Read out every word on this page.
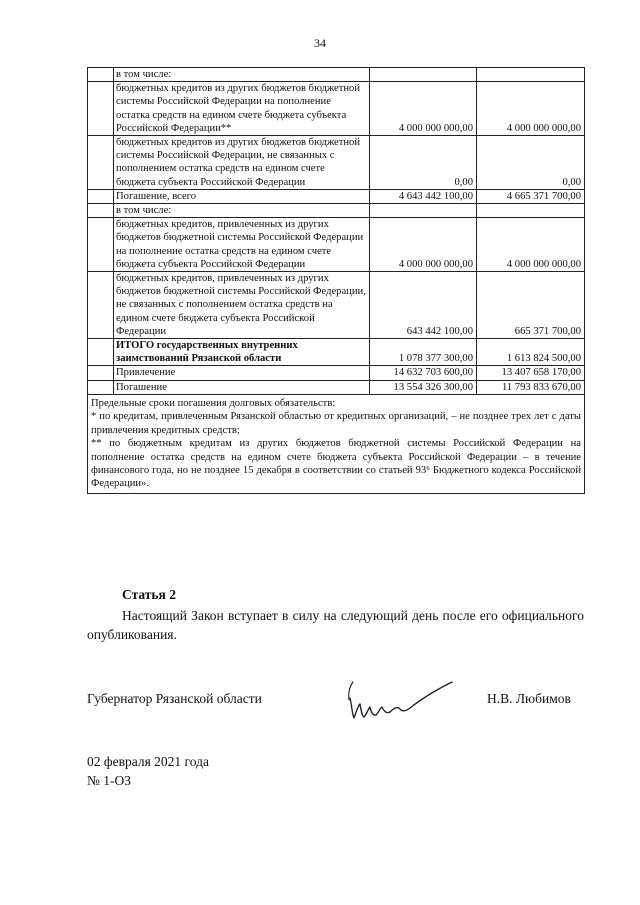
34
	в том числе:		
	бюджетных кредитов из других бюджетов бюджетной системы Российской Федерации на пополнение остатка средств на едином счете бюджета субъекта Российской Федерации**	4 000 000 000,00	4 000 000 000,00
	бюджетных кредитов из других бюджетов бюджетной системы Российской Федерации, не связанных с пополнением остатка средств на едином счете бюджета субъекта Российской Федерации	0,00	0,00
	Погашение, всего	4 643 442 100,00	4 665 371 700,00
	в том числе:		
	бюджетных кредитов, привлеченных из других бюджетов бюджетной системы Российской Федерации на пополнение остатка средств на едином счете бюджета субъекта Российской Федерации	4 000 000 000,00	4 000 000 000,00
	бюджетных кредитов, привлеченных из других бюджетов бюджетной системы Российской Федерации, не связанных с пополнением остатка средств на едином счете бюджета субъекта Российской Федерации	643 442 100,00	665 371 700,00
	ИТОГО государственных внутренних заимствований Рязанской области	1 078 377 300,00	1 613 824 500,00
	Привлечение	14 632 703 600,00	13 407 658 170,00
	Погашение	13 554 326 300,00	11 793 833 670,00

Предельные сроки погашения долговых обязательств:
* по кредитам, привлеченным Рязанской областью от кредитных организаций, – не позднее трех лет с даты привлечения кредитных средств;
** по бюджетным кредитам из других бюджетов бюджетной системы Российской Федерации на пополнение остатка средств на едином счете бюджета субъекта Российской Федерации – в течение финансового года, но не позднее 15 декабря в соответствии со статьей 93⁶ Бюджетного кодекса Российской Федерации».			
Статья 2
Настоящий Закон вступает в силу на следующий день после его официального опубликования.
Губернатор Рязанской области	Н.В. Любимов
02 февраля 2021 года
№ 1-ОЗ
